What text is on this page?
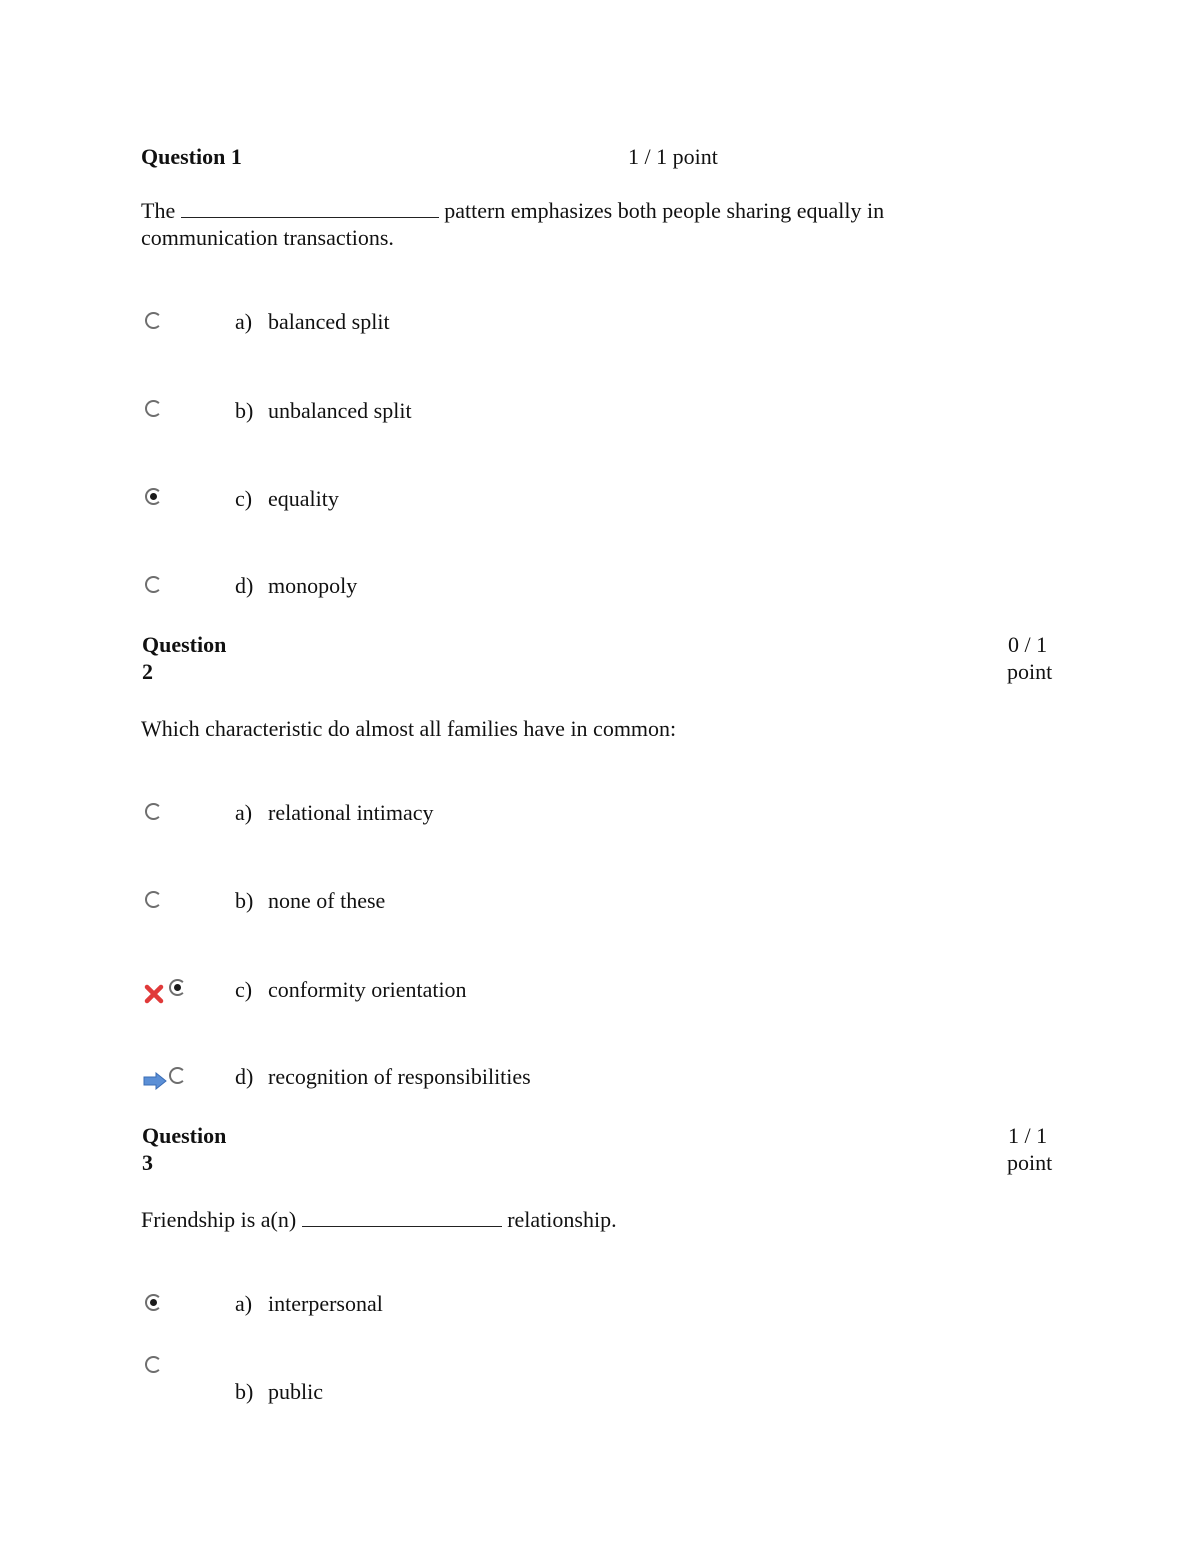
Question 1	1 / 1 point
The	pattern emphasizes both people sharing equally in
communication transactions.
a) balanced split
b) unbalanced split
c) equality
d) monopoly
Question
2
0 / 1
point
Which characteristic do almost all families have in common:
a) relational intimacy
b) none of these
c) conformity orientation
d) recognition of responsibilities
Question
3
1 / 1
point
Friendship is a(n)	relationship.
a) interpersonal
b) public
